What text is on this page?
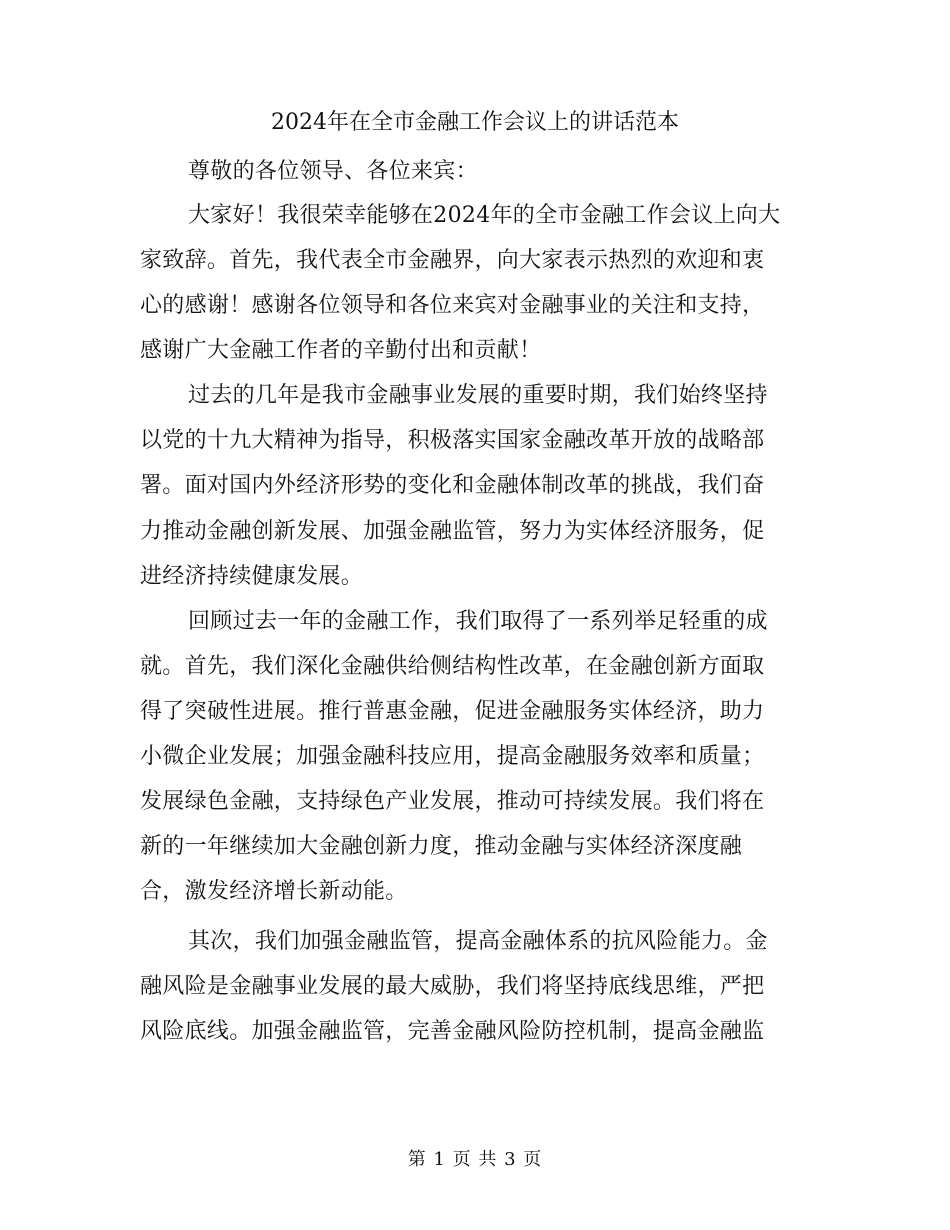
2024年在全市金融工作会议上的讲话范本
尊敬的各位领导、各位来宾：
大家好！我很荣幸能够在2024年的全市金融工作会议上向大
家致辞。首先，我代表全市金融界，向大家表示热烈的欢迎和衷
心的感谢！感谢各位领导和各位来宾对金融事业的关注和支持，
感谢广大金融工作者的辛勤付出和贡献！
过去的几年是我市金融事业发展的重要时期，我们始终坚持
以党的十九大精神为指导，积极落实国家金融改革开放的战略部
署。面对国内外经济形势的变化和金融体制改革的挑战，我们奋
力推动金融创新发展、加强金融监管，努力为实体经济服务，促
进经济持续健康发展。
回顾过去一年的金融工作，我们取得了一系列举足轻重的成
就。首先，我们深化金融供给侧结构性改革，在金融创新方面取
得了突破性进展。推行普惠金融，促进金融服务实体经济，助力
小微企业发展；加强金融科技应用，提高金融服务效率和质量；
发展绿色金融，支持绿色产业发展，推动可持续发展。我们将在
新的一年继续加大金融创新力度，推动金融与实体经济深度融
合，激发经济增长新动能。
其次，我们加强金融监管，提高金融体系的抗风险能力。金
融风险是金融事业发展的最大威胁，我们将坚持底线思维，严把
风险底线。加强金融监管，完善金融风险防控机制，提高金融监
第 1 页 共 3 页
